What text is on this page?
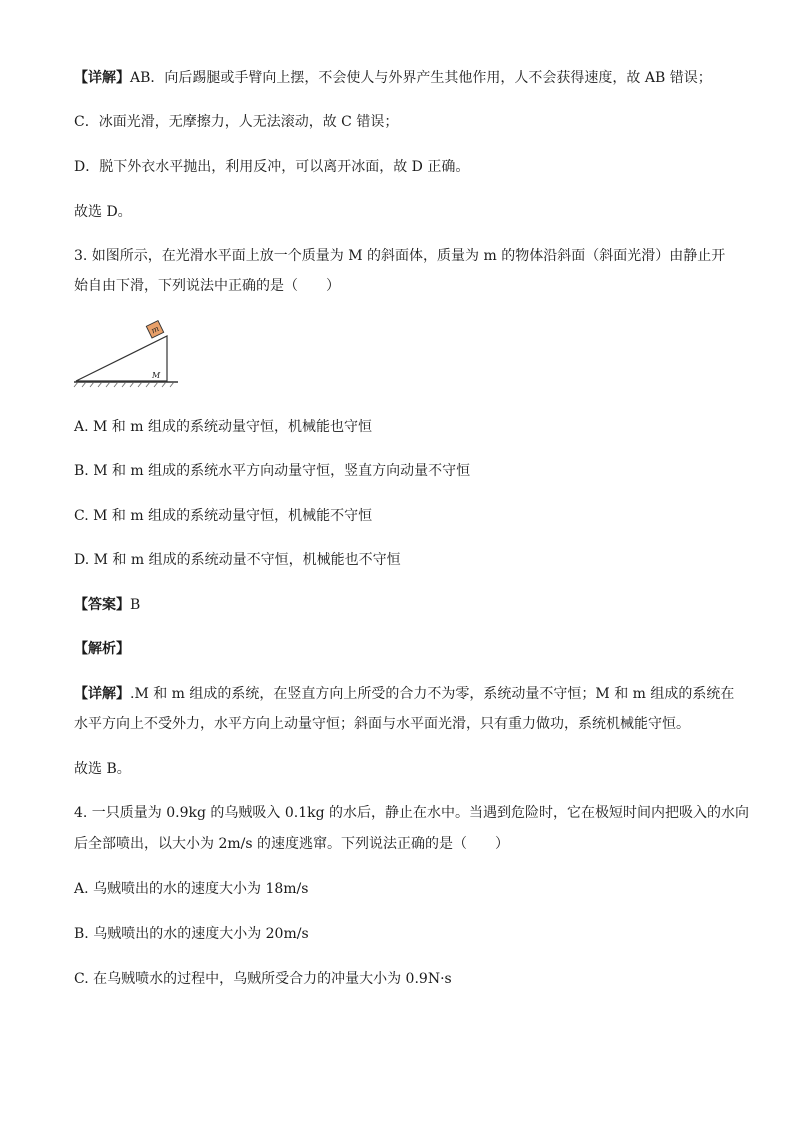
【详解】AB．向后踢腿或手臂向上摆，不会使人与外界产生其他作用，人不会获得速度，故 AB 错误；
C．冰面光滑，无摩擦力，人无法滚动，故 C 错误；
D．脱下外衣水平抛出，利用反冲，可以离开冰面，故 D 正确。
故选 D。
3. 如图所示，在光滑水平面上放一个质量为 M 的斜面体，质量为 m 的物体沿斜面（斜面光滑）由静止开
始自由下滑，下列说法中正确的是（　　）
m
M
A. M 和 m 组成的系统动量守恒，机械能也守恒
B. M 和 m 组成的系统水平方向动量守恒，竖直方向动量不守恒
C. M 和 m 组成的系统动量守恒，机械能不守恒
D. M 和 m 组成的系统动量不守恒，机械能也不守恒
【答案】B
【解析】
【详解】.M 和 m 组成的系统，在竖直方向上所受的合力不为零，系统动量不守恒；M 和 m 组成的系统在
水平方向上不受外力，水平方向上动量守恒；斜面与水平面光滑，只有重力做功，系统机械能守恒。
故选 B。
4. 一只质量为 0.9kg 的乌贼吸入 0.1kg 的水后，静止在水中。当遇到危险时，它在极短时间内把吸入的水向
后全部喷出，以大小为 2m/s 的速度逃窜。下列说法正确的是（　　）
A. 乌贼喷出的水的速度大小为 18m/s
B. 乌贼喷出的水的速度大小为 20m/s
C. 在乌贼喷水的过程中，乌贼所受合力的冲量大小为 0.9N·s
